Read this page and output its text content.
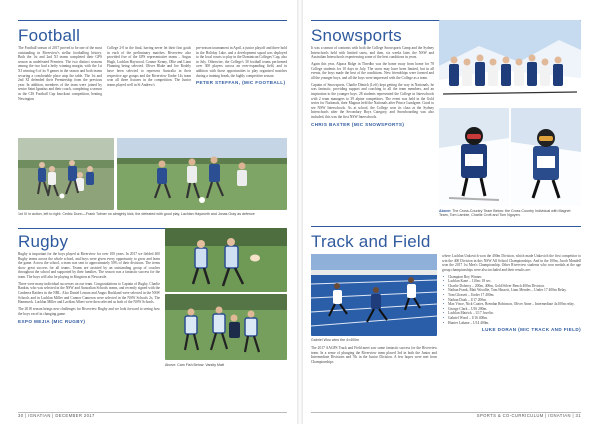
Football

The Football season of 2017 proved to be one of the most outstanding in Riverview's stellar footballing history. Both the 1st and 2nd XI teams completed their GPS season as undefeated Premiers. The two distinct seasons among the two had a hefty winning margin, with the 1st XI winning 6 of its 9 games in the season and both teams securing a comfortable place atop the table. The 1st and 2nd XI defended their Premiership from the previous year. In addition, members of the team were joined by senior Saint Ignatius and their coach, completing a season as the CIS Football Cup knockout competition, beating Newington

College 2-0 in the final, having never let their first goals in each of the preliminary matches. Riverview also provided five of the GPS representative teams – Angus Hugh, Lachlan Haywood, Connor Kenny, Ollie and Liam Flanning being selected. Oliver Blake and Joe Rodely have been selected to represent Australia in their respective age groups and the Riverview Under 14s team won all three fixtures in the competition. The Junior teams played well in St Andrew's

pre-season tournament in April, a junior playoff and three hold in the Holiday Lake, and a development squad was deployed to the local courts to play in the Dominican Colleges' Cup, also in July. Otherwise, the College's 30 football teams performed over 300 players across an ever-expanding field, and in addition with those opportunities to play organised matches during a training break, the highly competitive season.

PETER STEFFAN, (MIC FOOTBALL)
1st XI in action, left to right: Cedric Dunn—Frank Tolmer on almighty kick; the defeated with good play, Lachlan Hayworth and Jonas Gray as defence
Rugby

Rugby is important for the boys played at Riverview for over 100 years. In 2017 we fielded 400 Rugby teams across the whole school, and boys were given every opportunity to grow and learn the game. Across the school, a team was sent to approximately 50% of their divisions. The terms show great success for all teams. Teams are assisted by an outstanding group of coaches throughout the school and supported by their families. The season was a fantastic success for the team. The boys will also be playing in Kingston at Newcastle.

There were many individual successes on our team. Congratulations to Captain of Rugby, Charlie Rankin, who was selected in the NSW and Australian Schools teams, and recently signed with the Canberra Raiders in the NRL. Also Daniel Lemon and Angus Buckland were selected in the NSW Schools and in Lachlan Miller and Connor Cameron were selected in the NSW Schools 2s, The Hammock. Lachlan Miller and Lachlan Albert were then selected as both of the NSW Schools.

The 2018 season brings new challenges for Riverview Rugby and we look forward to seeing how the boys excel in changing game.

EXPO MEJIA (MIC RUGBY)
Above: Cam Fish Below: Varsity Matt
30 | IGNATIAN | DECEMBER 2017
Snowsports

It was a season of contrasts with both the College Snowsports Camp and the Sydney Interschools held with limited snow, and then, six weeks later, the NSW and Australian Interschools experiencing some of the best conditions in years.

Again this year, Alpaca Ridge in Thredbo was the home away from home for 78 College students for 10 days in July. The snow may have been limited, but in all events, the boys made the best of the conditions. New friendships were formed and all the younger boys, and all the boys were impressed with the College as a team.

Captain of Snowsports, Charlie Dimick (Left) kept getting the way in Nationals, he was fantastic, providing support and coaching to all the team members, and an inspiration to the younger boys. 28 students represented the College in Interschools with 2 team managers to 39 alpine competitors. The event was held in the Gold series for Nationals, their Magnus held the Nationals after Prince Lundgren. Good to see NSW Interschools. As at school, the College won its class at the Sydney Interschools after the Secondary Boys Category, and Snowboarding was also included, this was the first NSW Interschools.

CHRIS BAXTER (MIC SNOWSPORTS)
Above: The Cross-Country Team Below: the Cross Country Individual with Magnet Team, Tom Lambie, Charlie Croft and Tom Nguyen.
Track and Field
Gabriel Woo wins the 4×400m

The 2017 AAGPS Track and Field meet saw some fantastic success for the Riverview team. In a sense of plunging the Riverview team placed 3rd in both the Junior and Intermediate Divisions and 7th in the Junior Division. A few hopes were met from Championships

where Lachlan Unkovich won the 400m Division, which made Unkovich the first competitor to win the 400 Division in this NSW All School Championships. And in the 100m, Jacob Mundell won the 2017 1st Men's Championship. Other Riverview students who won medals at the age group championships were also included and their results are:

• Champion Boy Winner.
• Lachlan Kane – 110m: 18 sec.
• Charlie Doherty – 200m, 400m, Gold/Silver Bench 400m Division.
• Nathan Frank, Matt Woodlie, Tom Hassett, Liam Mendes – Under 17 400m Relay.
• Tom Glossett – Under 17 400m.
• Nathan Doak – U17 200m.
• Max Vince, Nick Coates, Brendan Robinson, Oliver Anne – Intermediate 4x100m relay.
• George Clark – U16 200m.
• Lachlan Matrick – U17 Javelin.
• Gabriel Wood – U16 400m.
• Hunter Lahane – U14 400m.
LUKE DORAN (MIC TRACK AND FIELD)
SPORTS & CO-CURRICULUM | IGNATIAN | 31
